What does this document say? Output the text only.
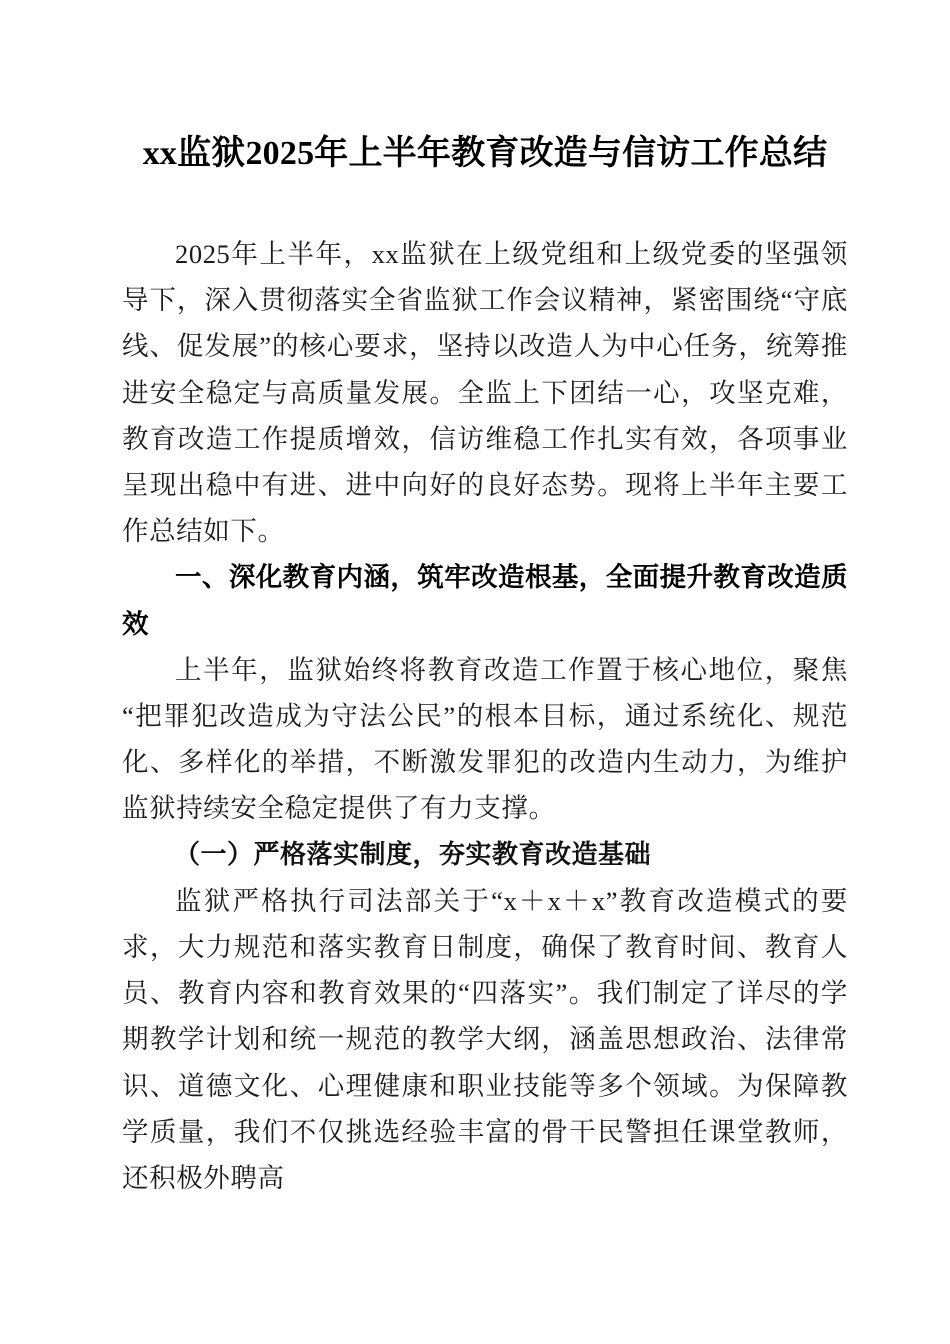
xx监狱2025年上半年教育改造与信访工作总结

2025年上半年，xx监狱在上级党组和上级党委的坚强领导下，深入贯彻落实全省监狱工作会议精神，紧密围绕“守底线、促发展”的核心要求，坚持以改造人为中心任务，统筹推进安全稳定与高质量发展。全监上下团结一心，攻坚克难，教育改造工作提质增效，信访维稳工作扎实有效，各项事业呈现出稳中有进、进中向好的良好态势。现将上半年主要工作总结如下。

一、深化教育内涵，筑牢改造根基，全面提升教育改造质效

上半年，监狱始终将教育改造工作置于核心地位，聚焦“把罪犯改造成为守法公民”的根本目标，通过系统化、规范化、多样化的举措，不断激发罪犯的改造内生动力，为维护监狱持续安全稳定提供了有力支撑。

（一）严格落实制度，夯实教育改造基础

监狱严格执行司法部关于“x＋x＋x”教育改造模式的要求，大力规范和落实教育日制度，确保了教育时间、教育人员、教育内容和教育效果的“四落实”。我们制定了详尽的学期教学计划和统一规范的教学大纲，涵盖思想政治、法律常识、道德文化、心理健康和职业技能等多个领域。为保障教学质量，我们不仅挑选经验丰富的骨干民警担任课堂教师，还积极外聘高
